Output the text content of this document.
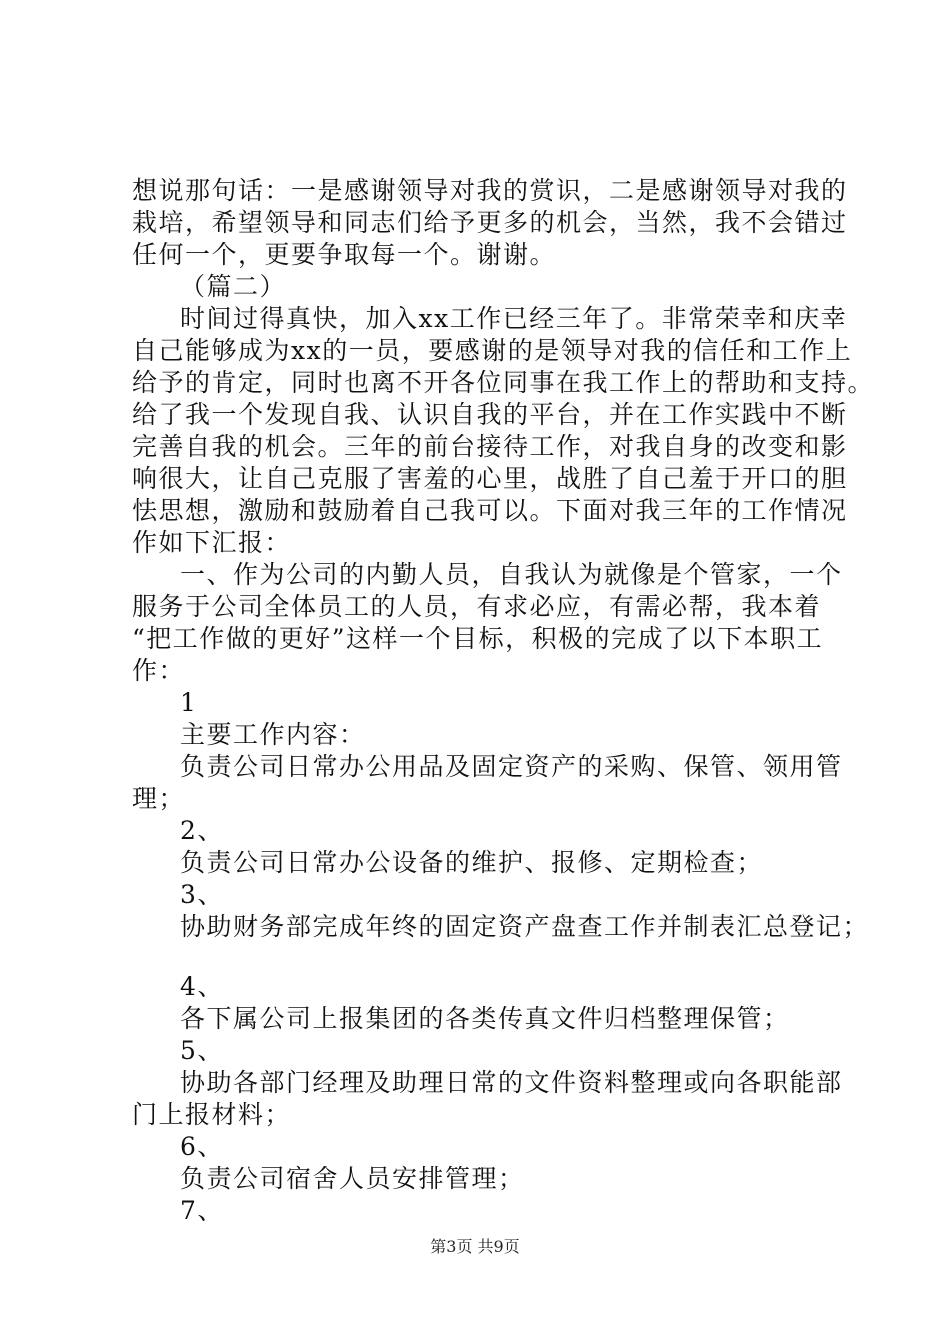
想说那句话：一是感谢领导对我的赏识，二是感谢领导对我的
栽培，希望领导和同志们给予更多的机会，当然，我不会错过
任何一个，更要争取每一个。谢谢。
（篇二）
时间过得真快，加入xx工作已经三年了。非常荣幸和庆幸
自己能够成为xx的一员，要感谢的是领导对我的信任和工作上
给予的肯定，同时也离不开各位同事在我工作上的帮助和支持。
给了我一个发现自我、认识自我的平台，并在工作实践中不断
完善自我的机会。三年的前台接待工作，对我自身的改变和影
响很大，让自己克服了害羞的心里，战胜了自己羞于开口的胆
怯思想，激励和鼓励着自己我可以。下面对我三年的工作情况
作如下汇报：
一、作为公司的内勤人员，自我认为就像是个管家，一个
服务于公司全体员工的人员，有求必应，有需必帮，我本着
“把工作做的更好”这样一个目标，积极的完成了以下本职工
作：
1
主要工作内容：
负责公司日常办公用品及固定资产的采购、保管、领用管
理；
2、
负责公司日常办公设备的维护、报修、定期检查；
3、
协助财务部完成年终的固定资产盘查工作并制表汇总登记；
4、
各下属公司上报集团的各类传真文件归档整理保管；
5、
协助各部门经理及助理日常的文件资料整理或向各职能部
门上报材料；
6、
负责公司宿舍人员安排管理；
7、
第3页 共9页
